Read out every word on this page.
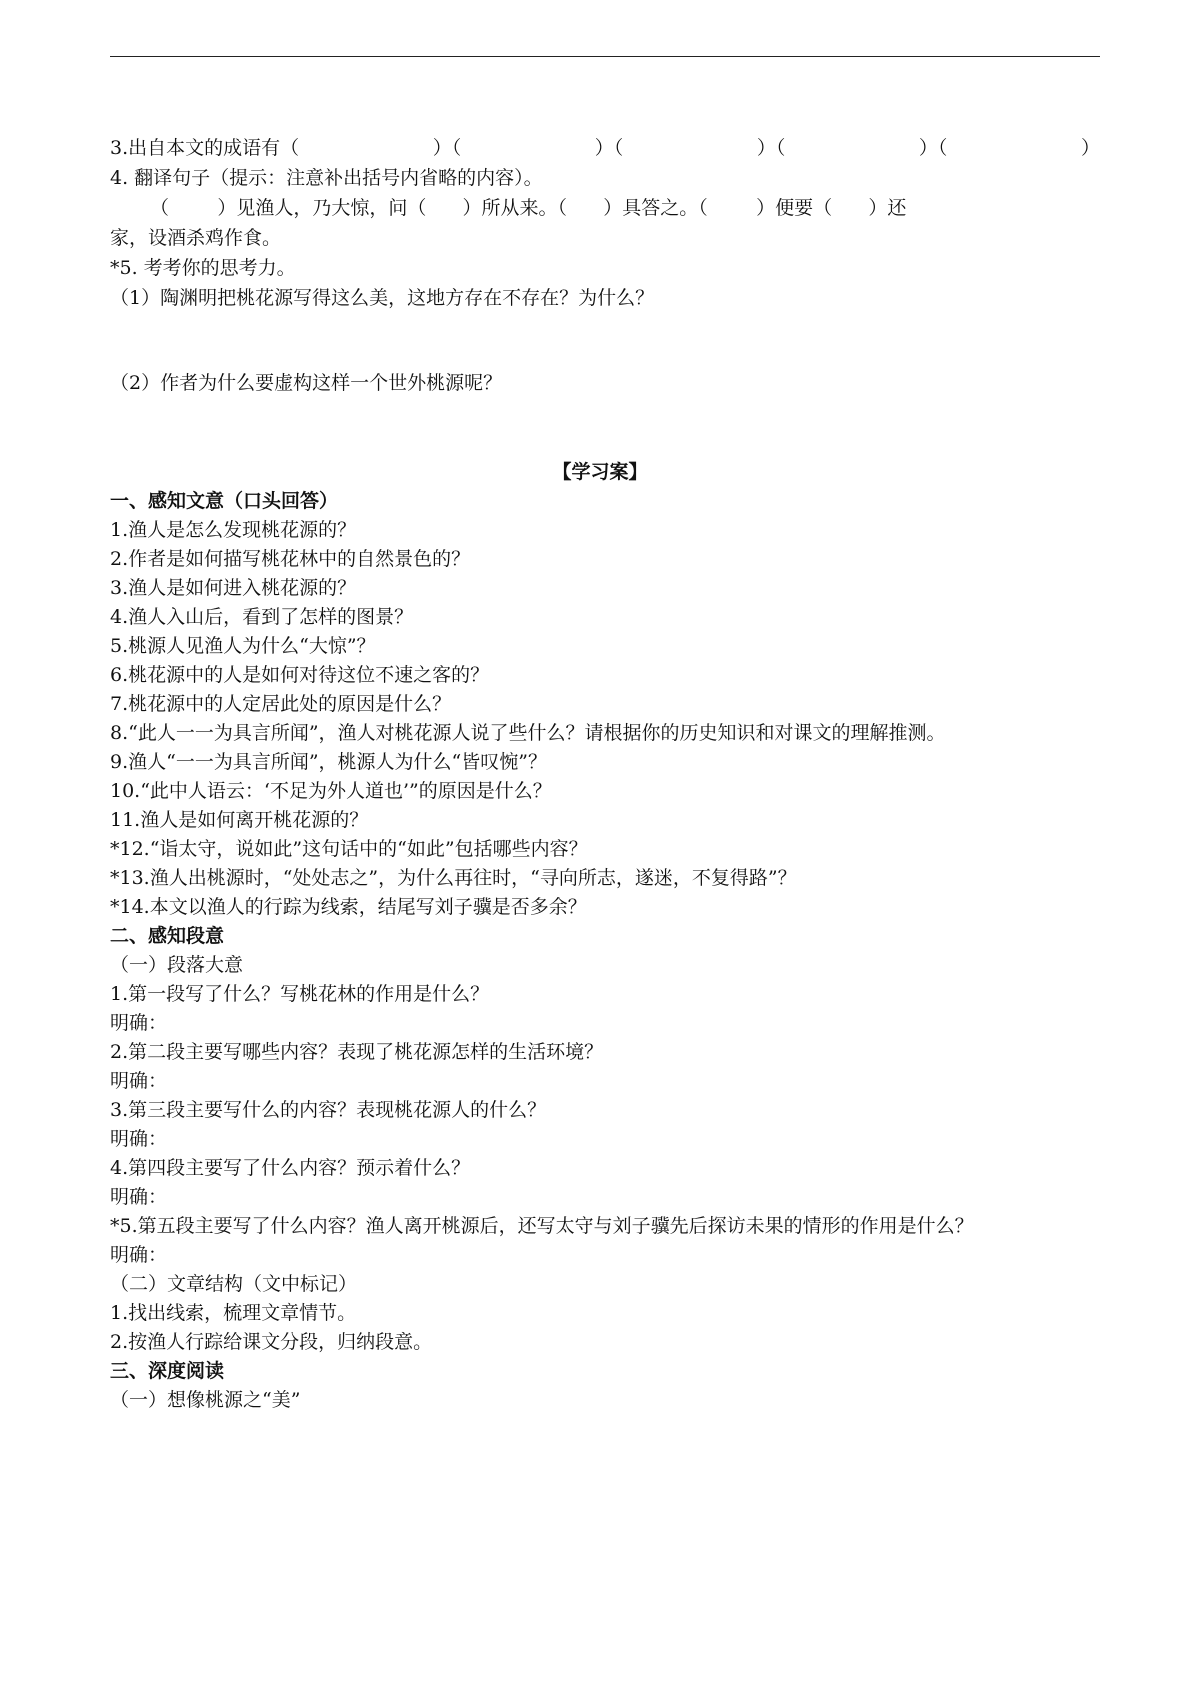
3.出自本文的成语有（	）（	）（	）（	）（	）
4. 翻译句子（提示：注意补出括号内省略的内容）。
（        ）见渔人，乃大惊，问（      ）所从来。（      ）具答之。（        ）便要（      ）还
家，设酒杀鸡作食。
*5. 考考你的思考力。
（1）陶渊明把桃花源写得这么美，这地方存在不存在？为什么？
（2）作者为什么要虚构这样一个世外桃源呢？
【学习案】
一、感知文意（口头回答）
1.渔人是怎么发现桃花源的？
2.作者是如何描写桃花林中的自然景色的？
3.渔人是如何进入桃花源的？
4.渔人入山后，看到了怎样的图景？
5.桃源人见渔人为什么“大惊”？
6.桃花源中的人是如何对待这位不速之客的？
7.桃花源中的人定居此处的原因是什么？
8.“此人一一为具言所闻”，渔人对桃花源人说了些什么？请根据你的历史知识和对课文的理解推测。
9.渔人“一一为具言所闻”，桃源人为什么“皆叹惋”？
10.“此中人语云：‘不足为外人道也’”的原因是什么？
11.渔人是如何离开桃花源的？
*12.“诣太守，说如此”这句话中的“如此”包括哪些内容？
*13.渔人出桃源时，“处处志之”，为什么再往时，“寻向所志，遂迷，不复得路”？
*14.本文以渔人的行踪为线索，结尾写刘子骥是否多余？
二、感知段意
（一）段落大意
1.第一段写了什么？写桃花林的作用是什么？
明确：
2.第二段主要写哪些内容？表现了桃花源怎样的生活环境？
明确：
3.第三段主要写什么的内容？表现桃花源人的什么？
明确：
4.第四段主要写了什么内容？预示着什么？
明确：
*5.第五段主要写了什么内容？渔人离开桃源后，还写太守与刘子骥先后探访未果的情形的作用是什么？
明确：
（二）文章结构（文中标记）
1.找出线索，梳理文章情节。
2.按渔人行踪给课文分段，归纳段意。
三、深度阅读
（一）想像桃源之“美”
